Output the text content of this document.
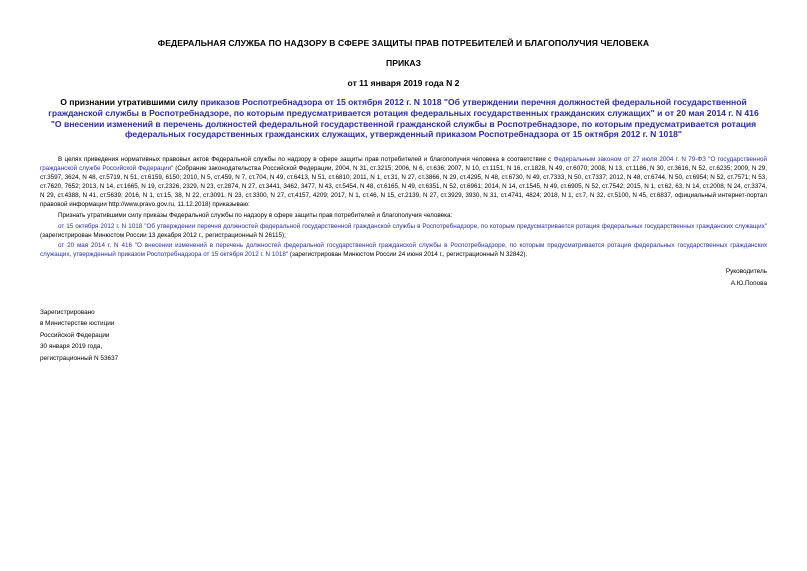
ФЕДЕРАЛЬНАЯ СЛУЖБА ПО НАДЗОРУ В СФЕРЕ ЗАЩИТЫ ПРАВ ПОТРЕБИТЕЛЕЙ И БЛАГОПОЛУЧИЯ ЧЕЛОВЕКА
ПРИКАЗ
от 11 января 2019 года N 2
О признании утратившими силу приказов Роспотребнадзора от 15 октября 2012 г. N 1018 "Об утверждении перечня должностей федеральной государственной гражданской службы в Роспотребнадзоре, по которым предусматривается ротация федеральных государственных гражданских служащих" и от 20 мая 2014 г. N 416 "О внесении изменений в перечень должностей федеральной государственной гражданской службы в Роспотребнадзоре, по которым предусматривается ротация федеральных государственных гражданских служащих, утвержденный приказом Роспотребнадзора от 15 октября 2012 г. N 1018"

В целях приведения нормативных правовых актов Федеральной службы по надзору в сфере защиты прав потребителей и благополучия человека в соответствие с Федеральным законом от 27 июля 2004 г. N 79-ФЗ "О государственной гражданской службе Российской Федерации" (Собрание законодательства Российской Федерации, 2004, N 31, ст.3215; 2006, N 6, ст.636; 2007, N 10, ст.1151, N 16, ст.1828, N 49, ст.6070; 2008, N 13, ст.1186, N 30, ст.3616, N 52, ст.6235; 2009, N 29, ст.3597, 3624, N 48, ст.5719, N 51, ст.6159, 6150; 2010, N 5, ст.459, N 7, ст.704, N 49, ст.6413, N 51, ст.6810; 2011, N 1, ст.31, N 27, ст.3866, N 29, ст.4295, N 48, ст.6730, N 49, ст.7333, N 50, ст.7337; 2012, N 48, ст.6744, N 50, ст.6954; N 52, ст.7571; N 53, ст.7620, 7652; 2013, N 14, ст.1665, N 19, ст.2326, 2329, N 23, ст.2874, N 27, ст.3441, 3462, 3477, N 43, ст.5454, N 48, ст.6165, N 49, ст.6351, N 52, ст.6961; 2014, N 14, ст.1545, N 49, ст.6905, N 52, ст.7542; 2015, N 1, ст.62, 63, N 14, ст.2008, N 24, ст.3374, N 29, ст.4388, N 41, ст.5639; 2016, N 1, ст.15, 38, N 22, ст.3091, N 23, ст.3300, N 27, ст.4157, 4209; 2017, N 1, ст.46, N 15, ст.2139, N 27, ст.3929, 3930, N 31, ст.4741, 4824; 2018, N 1, ст.7, N 32, ст.5100, N 45, ст.6837, официальный интернет-портал правовой информации http://www.pravo.gov.ru, 11.12.2018) приказываю:

Признать утратившими силу приказы Федеральной службы по надзору в сфере защиты прав потребителей и благополучия человека:

от 15 октября 2012 г. N 1018 "Об утверждении перечня должностей федеральной государственной гражданской службы в Роспотребнадзоре, по которым предусматривается ротация федеральных государственных гражданских служащих" (зарегистрирован Минюстом России 13 декабря 2012 г., регистрационный N 26115);

от 20 мая 2014 г. N 416 "О внесении изменений в перечень должностей федеральной государственной гражданской службы в Роспотребнадзоре, по которым предусматривается ротация федеральных государственных гражданских служащих, утвержденный приказом Роспотребнадзора от 15 октября 2012 г. N 1018" (зарегистрирован Минюстом России 24 июня 2014 г., регистрационный N 32842).

Руководитель
А.Ю.Попова
Зарегистрировано
в Министерстве юстиции
Российской Федерации
30 января 2019 года,
регистрационный N 53637
